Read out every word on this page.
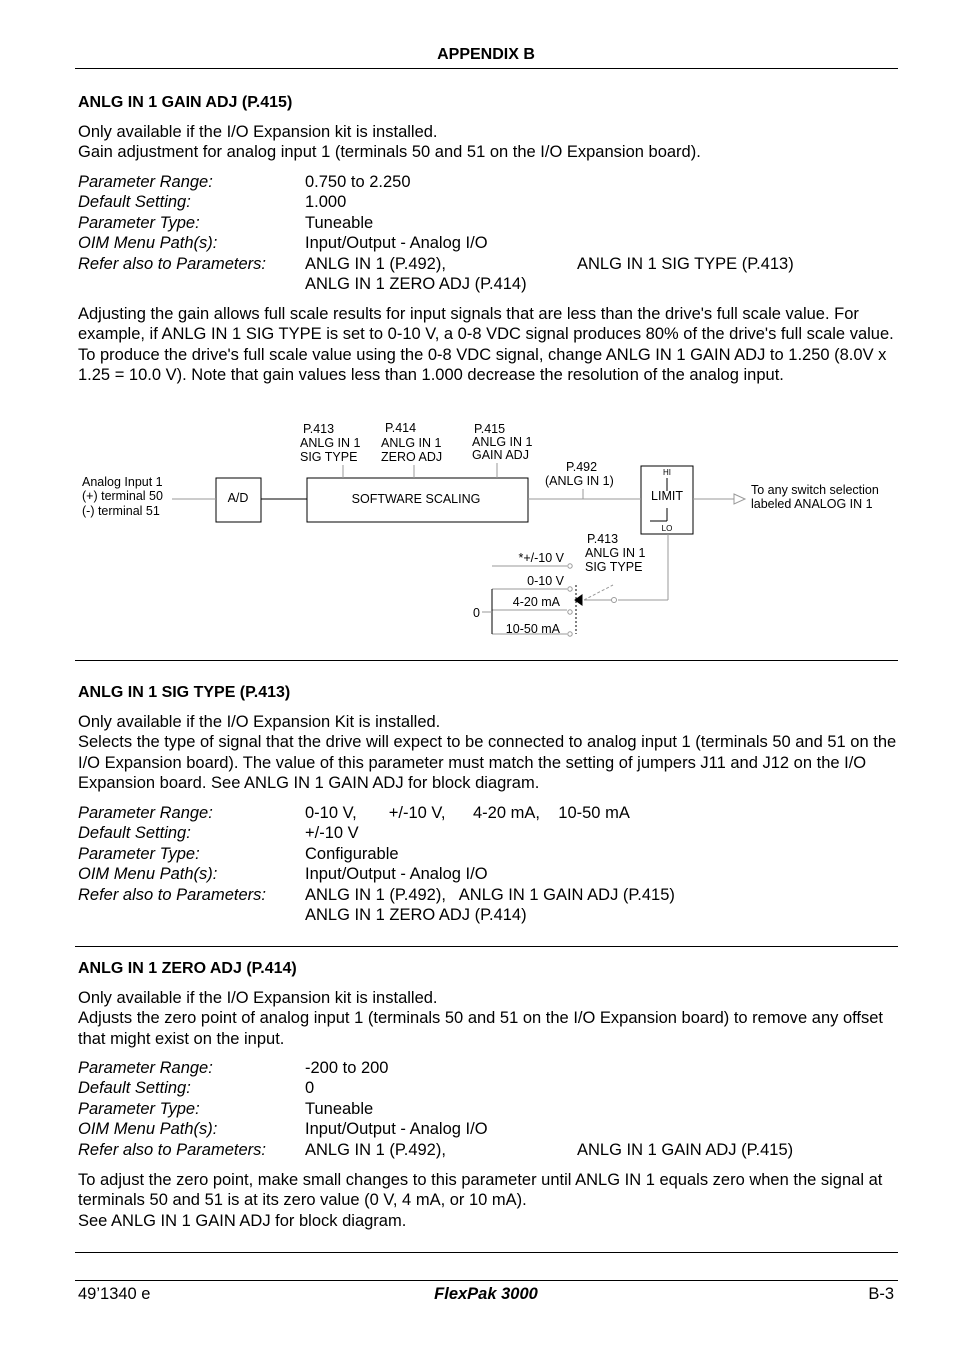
APPENDIX B
ANLG IN 1 GAIN ADJ (P.415)

Only available if the I/O Expansion kit is installed.

Gain adjustment for analog input 1 (terminals 50 and 51 on the I/O Expansion board).

Parameter Range:	0.750 to 2.250
Default Setting:	1.000
Parameter Type:	Tuneable
OIM Menu Path(s):	Input/Output - Analog I/O
Refer also to Parameters: ANLG IN 1 (P.492),	ANLG IN 1 SIG TYPE (P.413)
ANLG IN 1 ZERO ADJ (P.414)

Adjusting the gain allows full scale results for input signals that are less than the drive's full scale value. For example, if ANLG IN 1 SIG TYPE is set to 0-10 V, a 0-8 VDC signal produces 80% of the drive's full scale value. To produce the drive's full scale value using the 0-8 VDC signal, change ANLG IN 1 GAIN ADJ to 1.250 (8.0V x 1.25 = 10.0 V). Note that gain values less than 1.000 decrease the resolution of the analog input.

Analog Input 1
(+) terminal 50
(-) terminal 51
A/D	SOFTWARE SCALING
P.413
ANLG IN 1
SIG TYPE
P.414
ANLG IN 1
ZERO ADJ
P.415
ANLG IN 1
GAIN ADJ
P.492
(ANLG IN 1)
LIMIT	To any switch selection
labeled ANALOG IN 1
P.413
ANLG IN 1
SIG TYPE
*+/-10 V
0-10 V
4-20 mA
10-50 mA
0
HI
LO
ANLG IN 1 SIG TYPE (P.413)

Only available if the I/O Expansion Kit is installed.

Selects the type of signal that the drive will expect to be connected to analog input 1 (terminals 50 and 51 on the I/O Expansion board). The value of this parameter must match the setting of jumpers J11 and J12 on the I/O Expansion board. See ANLG IN 1 GAIN ADJ for block diagram.

Parameter Range:	0-10 V,       +/-10 V,      4-20 mA,    10-50 mA
Default Setting:	+/-10 V
Parameter Type:	Configurable
OIM Menu Path(s):	Input/Output - Analog I/O
Refer also to Parameters: ANLG IN 1 (P.492),   ANLG IN 1 GAIN ADJ (P.415)
ANLG IN 1 ZERO ADJ (P.414)
ANLG IN 1 ZERO ADJ (P.414)

Only available if the I/O Expansion kit is installed.

Adjusts the zero point of analog input 1 (terminals 50 and 51 on the I/O Expansion board) to remove any offset that might exist on the input.

Parameter Range:	-200 to 200
Default Setting:	0
Parameter Type:	Tuneable
OIM Menu Path(s):	Input/Output - Analog I/O
Refer also to Parameters: ANLG IN 1 (P.492),	ANLG IN 1 GAIN ADJ (P.415)

To adjust the zero point, make small changes to this parameter until ANLG IN 1 equals zero when the signal at terminals 50 and 51 is at its zero value (0 V, 4 mA, or 10 mA).

See ANLG IN 1 GAIN ADJ for block diagram.

49’1340 e	FlexPak 3000	B-3
